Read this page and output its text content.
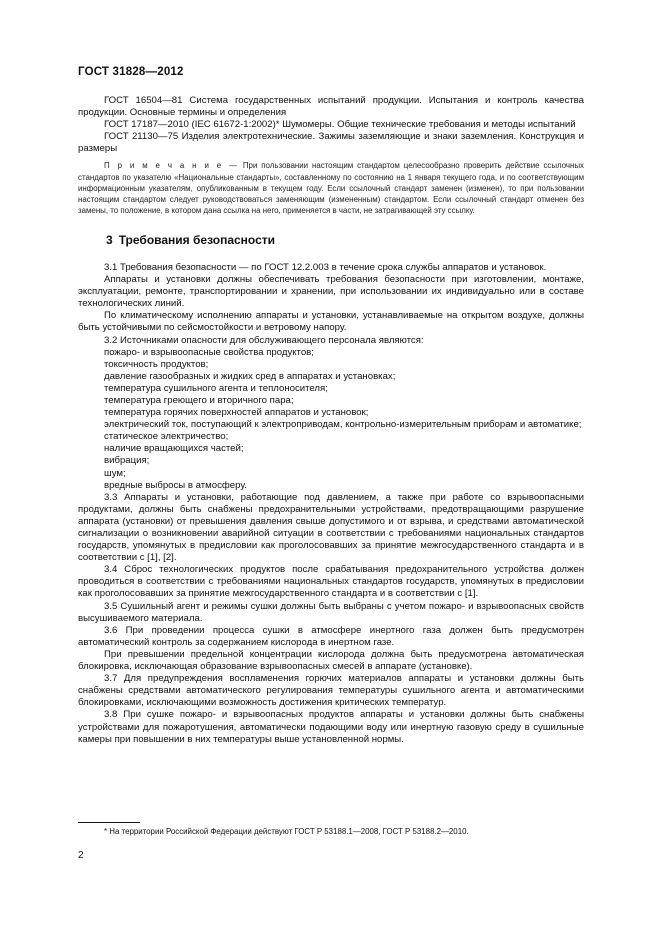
ГОСТ 31828—2012

ГОСТ 16504—81 Система государственных испытаний продукции. Испытания и контроль качества продукции. Основные термины и определения

ГОСТ 17187—2010 (IEC 61672-1:2002)* Шумомеры. Общие технические требования и методы испытаний

ГОСТ 21130—75 Изделия электротехнические. Зажимы заземляющие и знаки заземления. Конструкция и размеры

П р и м е ч а н и е — При пользовании настоящим стандартом целесообразно проверить действие ссылочных стандартов по указателю «Национальные стандарты», составленному по состоянию на 1 января текущего года, и по соответствующим информационным указателям, опубликованным в текущем году. Если ссылочный стандарт заменен (изменен), то при пользовании настоящим стандартом следует руководствоваться заменяющим (измененным) стандартом. Если ссылочный стандарт отменен без замены, то положение, в котором дана ссылка на него, применяется в части, не затрагивающей эту ссылку.

3 Требования безопасности

3.1 Требования безопасности — по ГОСТ 12.2.003 в течение срока службы аппаратов и установок.

Аппараты и установки должны обеспечивать требования безопасности при изготовлении, монтаже, эксплуатации, ремонте, транспортировании и хранении, при использовании их индивидуально или в составе технологических линий.

По климатическому исполнению аппараты и установки, устанавливаемые на открытом воздухе, должны быть устойчивыми по сейсмостойкости и ветровому напору.

3.2 Источниками опасности для обслуживающего персонала являются:

пожаро- и взрывоопасные свойства продуктов;

токсичность продуктов;

давление газообразных и жидких сред в аппаратах и установках;

температура сушильного агента и теплоносителя;

температура греющего и вторичного пара;

температура горячих поверхностей аппаратов и установок;

электрический ток, поступающий к электроприводам, контрольно-измерительным приборам и автоматике;

статическое электричество;

наличие вращающихся частей;

вибрация;

шум;

вредные выбросы в атмосферу.

3.3 Аппараты и установки, работающие под давлением, а также при работе со взрывоопасными продуктами, должны быть снабжены предохранительными устройствами, предотвращающими разрушение аппарата (установки) от превышения давления свыше допустимого и от взрыва, и средствами автоматической сигнализации о возникновении аварийной ситуации в соответствии с требованиями национальных стандартов государств, упомянутых в предисловии как проголосовавших за принятие межгосударственного стандарта и в соответствии с [1], [2].

3.4 Сброс технологических продуктов после срабатывания предохранительного устройства должен проводиться в соответствии с требованиями национальных стандартов государств, упомянутых в предисловии как проголосовавших за принятие межгосударственного стандарта и в соответствии с [1].

3.5 Сушильный агент и режимы сушки должны быть выбраны с учетом пожаро- и взрывоопасных свойств высушиваемого материала.

3.6 При проведении процесса сушки в атмосфере инертного газа должен быть предусмотрен автоматический контроль за содержанием кислорода в инертном газе.

При превышении предельной концентрации кислорода должна быть предусмотрена автоматическая блокировка, исключающая образование взрывоопасных смесей в аппарате (установке).

3.7 Для предупреждения воспламенения горючих материалов аппараты и установки должны быть снабжены средствами автоматического регулирования температуры сушильного агента и автоматическими блокировками, исключающими возможность достижения критических температур.

3.8 При сушке пожаро- и взрывоопасных продуктов аппараты и установки должны быть снабжены устройствами для пожаротушения, автоматически подающими воду или инертную газовую среду в сушильные камеры при повышении в них температуры выше установленной нормы.

* На территории Российской Федерации действуют ГОСТ Р 53188.1—2008, ГОСТ Р 53188.2—2010.
2
